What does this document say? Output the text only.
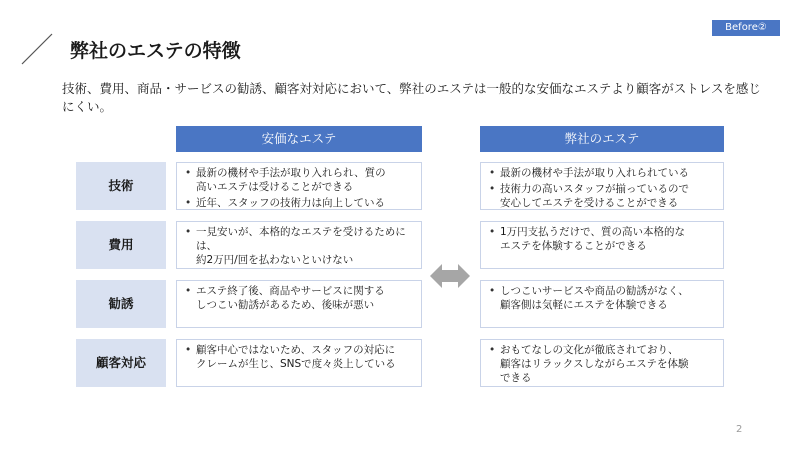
Before②
弊社のエステの特徴
技術、費用、商品・サービスの勧誘、顧客対対応において、弊社のエステは一般的な安価なエステより顧客がストレスを感じにくい。
安価なエステ	弊社のエステ
技術
• 最新の機材や手法が取り入れられ、質の
高いエステは受けることができる
• 近年、スタッフの技術力は向上している
• 最新の機材や手法が取り入れられている
• 技術力の高いスタッフが揃っているので
安心してエステを受けることができる
費用
• 一見安いが、本格的なエステを受けるためには、
約2万円/回を払わないといけない
• 1万円支払うだけで、質の高い本格的な
エステを体験することができる
勧誘
• エステ終了後、商品やサービスに関する
しつこい勧誘があるため、後味が悪い
• しつこいサービスや商品の勧誘がなく、
顧客側は気軽にエステを体験できる
顧客対応
• 顧客中心ではないため、スタッフの対応に
クレームが生じ、SNSで度々炎上している
• おもてなしの文化が徹底されており、
顧客はリラックスしながらエステを体験
できる
2
